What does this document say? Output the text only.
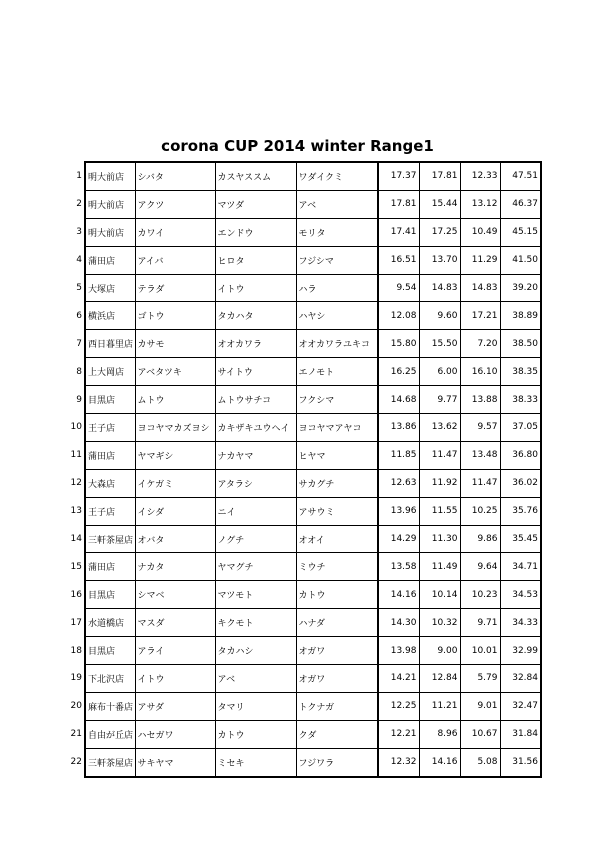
corona CUP 2014 winter Range1
1 明大前店	シバタ	カスヤススム	ワダイクミ	17.37	17.81	12.33	47.51

2 明大前店	アクツ	マツダ	アベ	17.81	15.44	13.12	46.37

3 明大前店	カワイ	エンドウ	モリタ	17.41	17.25	10.49	45.15

4 蒲田店	アイバ	ヒロタ	フジシマ	16.51	13.70	11.29	41.50

5 大塚店	テラダ	イトウ	ハラ	9.54	14.83	14.83	39.20

6 横浜店	ゴトウ	タカハタ	ハヤシ	12.08	9.60	17.21	38.89

7 西日暮里店	カサモ	オオカワラ	オオカワラユキコ	15.80	15.50	7.20	38.50

8 上大岡店	アベタツキ	サイトウ	エノモト	16.25	6.00	16.10	38.35

9 目黒店	ムトウ	ムトウサチコ	フクシマ	14.68	9.77	13.88	38.33

10 王子店	ヨコヤマカズヨシ	カキザキユウヘイ	ヨコヤマアヤコ	13.86	13.62	9.57	37.05

11 蒲田店	ヤマギシ	ナカヤマ	ヒヤマ	11.85	11.47	13.48	36.80

12 大森店	イケガミ	アタラシ	サカグチ	12.63	11.92	11.47	36.02

13 王子店	イシダ	ニイ	アサウミ	13.96	11.55	10.25	35.76

14 三軒茶屋店	オバタ	ノグチ	オオイ	14.29	11.30	9.86	35.45

15 蒲田店	ナカタ	ヤマグチ	ミウチ	13.58	11.49	9.64	34.71

16 目黒店	シマベ	マツモト	カトウ	14.16	10.14	10.23	34.53

17 水道橋店	マスダ	キクモト	ハナダ	14.30	10.32	9.71	34.33

18 目黒店	アライ	タカハシ	オガワ	13.98	9.00	10.01	32.99

19 下北沢店	イトウ	アベ	オガワ	14.21	12.84	5.79	32.84

20 麻布十番店	アサダ	タマリ	トクナガ	12.25	11.21	9.01	32.47

21 自由が丘店	ハセガワ	カトウ	クダ	12.21	8.96	10.67	31.84

22 三軒茶屋店	サキヤマ	ミセキ	フジワラ	12.32	14.16	5.08	31.56
